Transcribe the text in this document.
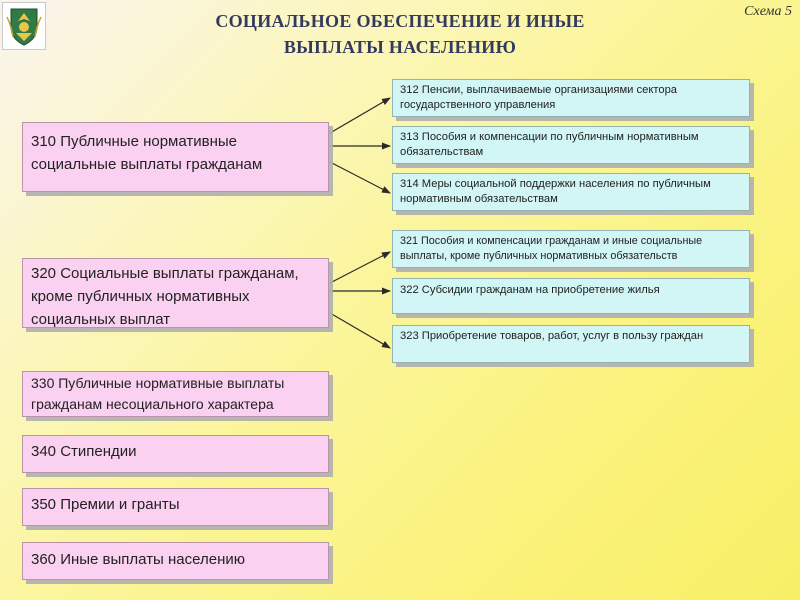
СОЦИАЛЬНОЕ ОБЕСПЕЧЕНИЕ И ИНЫЕ
ВЫПЛАТЫ НАСЕЛЕНИЮ
Схема 5
310 Публичные нормативные социальные выплаты гражданам
320 Социальные выплаты гражданам, кроме публичных нормативных социальных выплат
312 Пенсии, выплачиваемые организациями сектора государственного управления
313 Пособия и компенсации по публичным нормативным обязательствам
314 Меры социальной поддержки населения по публичным нормативным обязательствам
321 Пособия и компенсации гражданам и иные социальные выплаты, кроме публичных нормативных обязательств
322 Субсидии гражданам на приобретение жилья
323 Приобретение товаров, работ, услуг в пользу граждан
330 Публичные нормативные выплаты гражданам несоциального характера
340 Стипендии
350 Премии и гранты
360 Иные выплаты населению
